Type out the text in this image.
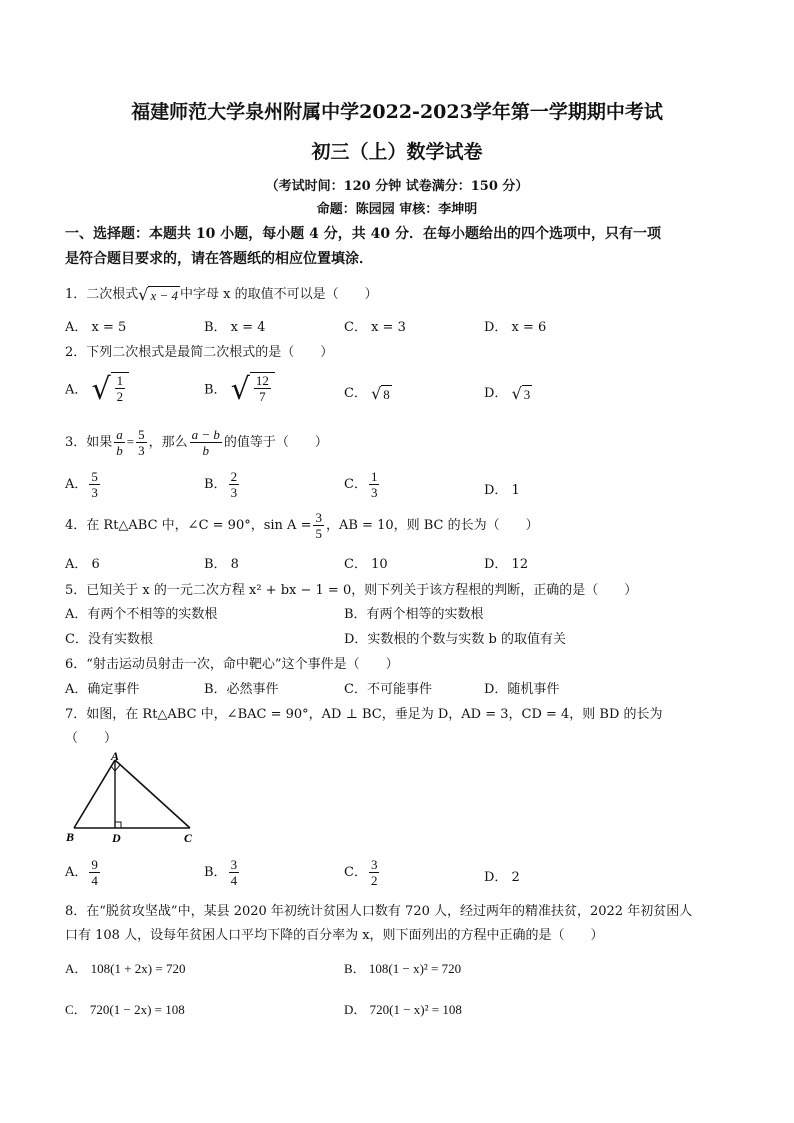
福建师范大学泉州附属中学2022-2023学年第一学期期中考试
初三（上）数学试卷
（考试时间：120 分钟 试卷满分：150 分）
命题：陈园园 审核：李坤明
一、选择题：本题共 10 小题，每小题 4 分，共 40 分．在每小题给出的四个选项中，只有一项
是符合题目要求的，请在答题纸的相应位置填涂．
1．二次根式 √ x − 4 中字母 x 的取值不可以是（　　）
A． x = 5	B． x = 4	C． x = 3	D． x = 6
2．下列二次根式是最简二次根式的是（　　）
A． √ $\frac{1}{2}$	B． √ $\frac{12}{7}$	C． √ 8	D． √ 3
3．如果 $\frac{a}{b} = \frac{5}{3}$ ，那么 $\frac{a - b}{b}$ 的值等于（　　）
A． $\frac{5}{3}$	B． $\frac{2}{3}$	C． $\frac{1}{3}$	D． 1
4．在 Rt△ABC 中，∠C = 90°，$\sin A = \frac{3}{5}$ ，AB = 10，则 BC 的长为（　　）
A． 6	B． 8	C． 10	D． 12
5．已知关于 x 的一元二次方程 x² + bx − 1 = 0，则下列关于该方程根的判断，正确的是（　　）
A．有两个不相等的实数根	B．有两个相等的实数根
C．没有实数根	D．实数根的个数与实数 b 的取值有关
6．“射击运动员射击一次，命中靶心”这个事件是（　　）
A．确定事件	B．必然事件	C．不可能事件	D．随机事件
7．如图，在 Rt△ABC 中，∠BAC = 90°，AD ⊥ BC，垂足为 D，AD = 3，CD = 4，则 BD 的长为
（　　）
A
B	D	C
A． $\frac{9}{4}$	B． $\frac{3}{4}$	C． $\frac{3}{2}$	D． 2
8．在“脱贫攻坚战”中，某县 2020 年初统计贫困人口数有 720 人，经过两年的精准扶贫，2022 年初贫困人
口有 108 人，设每年贫困人口平均下降的百分率为 x，则下面列出的方程中正确的是（　　）
A． 108(1 + 2x) = 720	B． 108(1 − x)² = 720
C． 720(1 − 2x) = 108	D． 720(1 − x)² = 108
